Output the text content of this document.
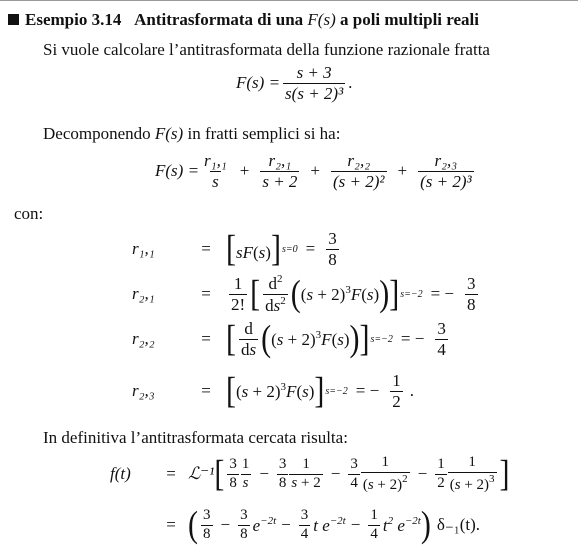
Esempio 3.14 Antitrasformata di una F(s) a poli multipli reali
Si vuole calcolare l’antitrasformata della funzione razionale fratta
$F(s) = \frac{s + 3}{\text{s(s + 2)³}}$ .
Decomponendo F(s) in fratti semplici si ha:
$F(s) = \frac{\text{r₁,₁}}{s} + \frac{\text{r₂,₁}}{s + 2} + \frac{\text{r₂,₂}}{\text{(s + 2)²}} + \frac{\text{r₂,₃}}{\text{(s + 2)³}}$
con:
r₁,₁	= [sF(s)] $s=0 = \frac{3}{8}$
r₂,₁	=	$\frac{1}{2!}$ [ $\frac{d^2}{ds^2}$ ( $(s + 2)^3F(s)$ ) ] s=−2 = − $\frac{3}{8}$
r₂,₂	= [ $\frac{d}{ds}$ ( $(s + 2)^3F(s)$ ) ] s=−2 = − $\frac{3}{4}$
r₂,₃	= [ $(s + 2)^3F(s)$ ] s=−2 = − $\frac{1}{2}$ .
In definitiva l’antitrasformata cercata risulta:
f(t)	= ℒ⁻¹ [ $\frac{3}{8} \frac{1}{s} - \frac{3}{8} \frac{1}{s + 2} - \frac{3}{4} \frac{1}{(s + 2)^2} - \frac{1}{2} \frac{1}{(s + 2)^3}$ ]
= ( $\frac{3}{8} - \frac{3}{8} e^{-2t} - \frac{3}{4}$ t $e^{-2t} - \frac{1}{4} t^2$ $e^{-2t}$ ) δ₋₁(t).
